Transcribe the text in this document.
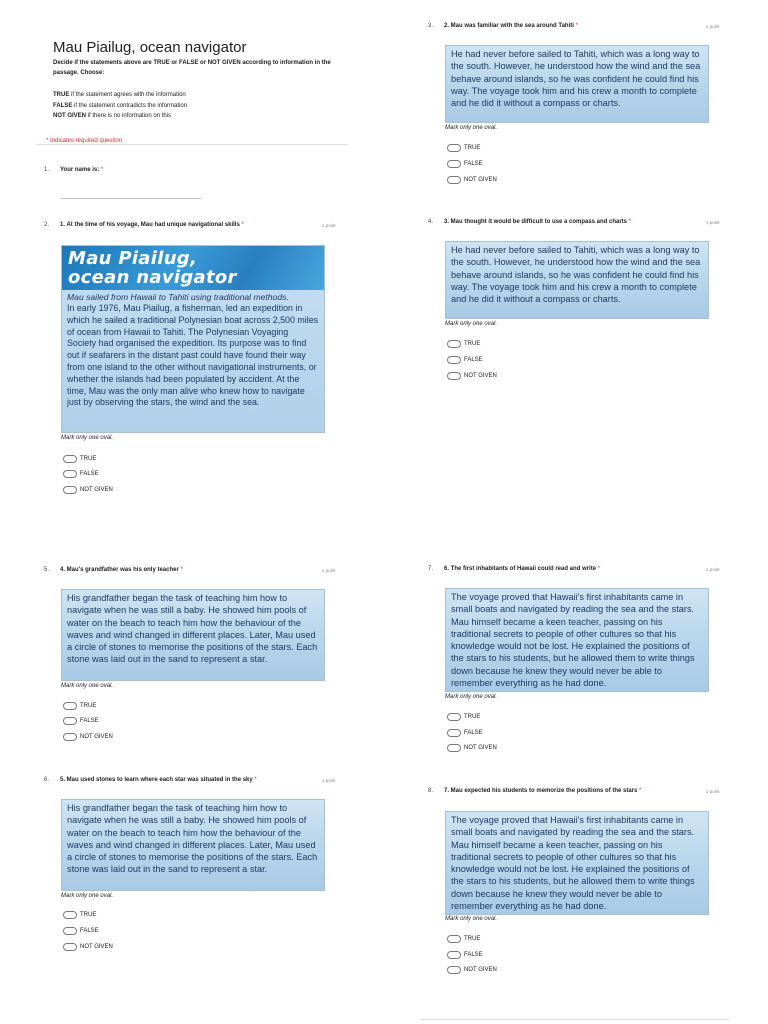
Mau Piailug, ocean navigator
Decide if the statements above are TRUE or FALSE or NOT GIVEN according to information in the passage. Choose:
TRUE if the statement agrees with the information
FALSE if the statement contradicts the information
NOT GIVEN if there is no information on this
* Indicates required question
1. Your name is: *
2. 1. At the time of his voyage, Mau had unique navigational skills *	1 point
Mau Piailug,
ocean navigator
Mau sailed from Hawaii to Tahiti using traditional methods.
In early 1976, Mau Piailug, a fisherman, led an expedition in which he sailed a traditional Polynesian boat across 2,500 miles of ocean from Hawaii to Tahiti. The Polynesian Voyaging Society had organised the expedition. Its purpose was to find out if seafarers in the distant past could have found their way from one island to the other without navigational instruments, or whether the islands had been populated by accident. At the time, Mau was the only man alive who knew how to navigate just by observing the stars, the wind and the sea.
Mark only one oval.
TRUE
FALSE
NOT GIVEN
5. 4. Mau's grandfather was his only teacher *	1 point
His grandfather began the task of teaching him how to navigate when he was still a baby. He showed him pools of water on the beach to teach him how the behaviour of the waves and wind changed in different places. Later, Mau used a circle of stones to memorise the positions of the stars. Each stone was laid out in the sand to represent a star.
Mark only one oval.
TRUE
FALSE
NOT GIVEN
6. 5. Mau used stones to learn where each star was situated in the sky *	1 point
His grandfather began the task of teaching him how to navigate when he was still a baby. He showed him pools of water on the beach to teach him how the behaviour of the waves and wind changed in different places. Later, Mau used a circle of stones to memorise the positions of the stars. Each stone was laid out in the sand to represent a star.
Mark only one oval.
TRUE
FALSE
NOT GIVEN
3. 2. Mau was familiar with the sea around Tahiti *	1 point
He had never before sailed to Tahiti, which was a long way to the south. However, he understood how the wind and the sea behave around islands, so he was confident he could find his way. The voyage took him and his crew a month to complete and he did it without a compass or charts.
Mark only one oval.
TRUE
FALSE
NOT GIVEN
4. 3. Mau thought it would be difficult to use a compass and charts *	1 point
He had never before sailed to Tahiti, which was a long way to the south. However, he understood how the wind and the sea behave around islands, so he was confident he could find his way. The voyage took him and his crew a month to complete and he did it without a compass or charts.
Mark only one oval.
TRUE
FALSE
NOT GIVEN
7. 6. The first inhabitants of Hawaii could read and write *	1 point
The voyage proved that Hawaii's first inhabitants came in small boats and navigated by reading the sea and the stars. Mau himself became a keen teacher, passing on his traditional secrets to people of other cultures so that his knowledge would not be lost. He explained the positions of the stars to his students, but he allowed them to write things down because he knew they would never be able to remember everything as he had done.
Mark only one oval.
TRUE
FALSE
NOT GIVEN
8. 7. Mau expected his students to memorize the positions of the stars *	1 point
The voyage proved that Hawaii's first inhabitants came in small boats and navigated by reading the sea and the stars. Mau himself became a keen teacher, passing on his traditional secrets to people of other cultures so that his knowledge would not be lost. He explained the positions of the stars to his students, but he allowed them to write things down because he knew they would never be able to remember everything as he had done.
Mark only one oval.
TRUE
FALSE
NOT GIVEN
